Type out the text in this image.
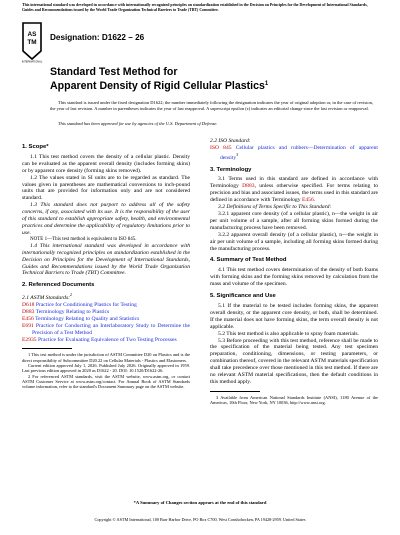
This international standard was developed in accordance with internationally recognized principles on standardization established in the Decision on Principles for the Development of International Standards, Guides and Recommendations issued by the World Trade Organization Technical Barriers to Trade (TBT) Committee.
AS
TM
INTERNATIONAL
Designation: D1622 – 26
Standard Test Method for
Apparent Density of Rigid Cellular Plastics$^1$
This standard is issued under the fixed designation D1622; the number immediately following the designation indicates the year of original adoption or, in the case of revision, the year of last revision. A number in parentheses indicates the year of last reapproval. A superscript epsilon (ε) indicates an editorial change since the last revision or reapproval.
This standard has been approved for use by agencies of the U.S. Department of Defense.
1. Scope*

1.1 This test method covers the density of a cellular plastic. Density can be evaluated as the apparent overall density (includes forming skins) or by apparent core density (forming skins removed).

1.2 The values stated in SI units are to be regarded as standard. The values given in parentheses are mathematical conversions to inch-pound units that are provided for information only and are not considered standard.

1.3 This standard does not purport to address all of the safety concerns, if any, associated with its use. It is the responsibility of the user of this standard to establish appropriate safety, health, and environmental practices and determine the applicability of regulatory limitations prior to use.

NOTE 1—This test method is equivalent to ISO 845.

1.4 This international standard was developed in accordance with internationally recognized principles on standardization established in the Decision on Principles for the Development of International Standards, Guides and Recommendations issued by the World Trade Organization Technical Barriers to Trade (TBT) Committee.

2. Referenced Documents

2.1 ASTM Standards:$^2$

D618 Practice for Conditioning Plastics for Testing

D883 Terminology Relating to Plastics

E456 Terminology Relating to Quality and Statistics

E691 Practice for Conducting an Interlaboratory Study to Determine the Precision of a Test Method

E2935 Practice for Evaluating Equivalence of Two Testing Processes

1 This test method is under the jurisdiction of ASTM Committee D20 on Plastics and is the direct responsibility of Subcommittee D20.22 on Cellular Materials - Plastics and Elastomers.

Current edition approved July 1, 2026. Published July 2026. Originally approved in 1959. Last previous edition approved in 2020 as D1622 - 20. DOI: 10.1520/D1622-26.

2 For referenced ASTM standards, visit the ASTM website, www.astm.org, or contact ASTM Customer Service at www.astm.org/contact. For Annual Book of ASTM Standards volume information, refer to the standard's Document Summary page on the ASTM website.

2.2 ISO Standard:

ISO 845 Cellular plastics and rubbers—Determination of apparent density$^3$

3. Terminology

3.1 Terms used in this standard are defined in accordance with Terminology D883, unless otherwise specified. For terms relating to precision and bias and associated issues, the terms used in this standard are defined in accordance with Terminology E456.

3.2 Definitions of Terms Specific to This Standard:

3.2.1 apparent core density (of a cellular plastic), n—the weight in air per unit volume of a sample, after all forming skins formed during the manufacturing process have been removed.

3.2.2 apparent overall density (of a cellular plastic), n—the weight in air per unit volume of a sample, including all forming skins formed during the manufacturing process.

4. Summary of Test Method

4.1 This test method covers determination of the density of both foams with forming skins and the forming skins removed by calculation from the mass and volume of the specimen.

5. Significance and Use

5.1 If the material to be tested includes forming skins, the apparent overall density, or the apparent core density, or both, shall be determined. If the material does not have forming skins, the term overall density is not applicable.

5.2 This test method is also applicable to spray foam materials.

5.3 Before proceeding with this test method, reference shall be made to the specification of the material being tested. Any test specimen preparation, conditioning, dimensions, or testing parameters, or combination thereof, covered in the relevant ASTM materials specification shall take precedence over those mentioned in this test method. If there are no relevant ASTM material specifications, then the default conditions in this method apply.

3 Available from American National Standards Institute (ANSI), 1180 Avenue of the Americas, 10th Floor, New York, NY 10036, http://www.ansi.org.

*A Summary of Changes section appears at the end of this standard
Copyright © ASTM International, 100 Barr Harbor Drive, PO Box C700, West Conshohocken, PA 19428-2959. United States
